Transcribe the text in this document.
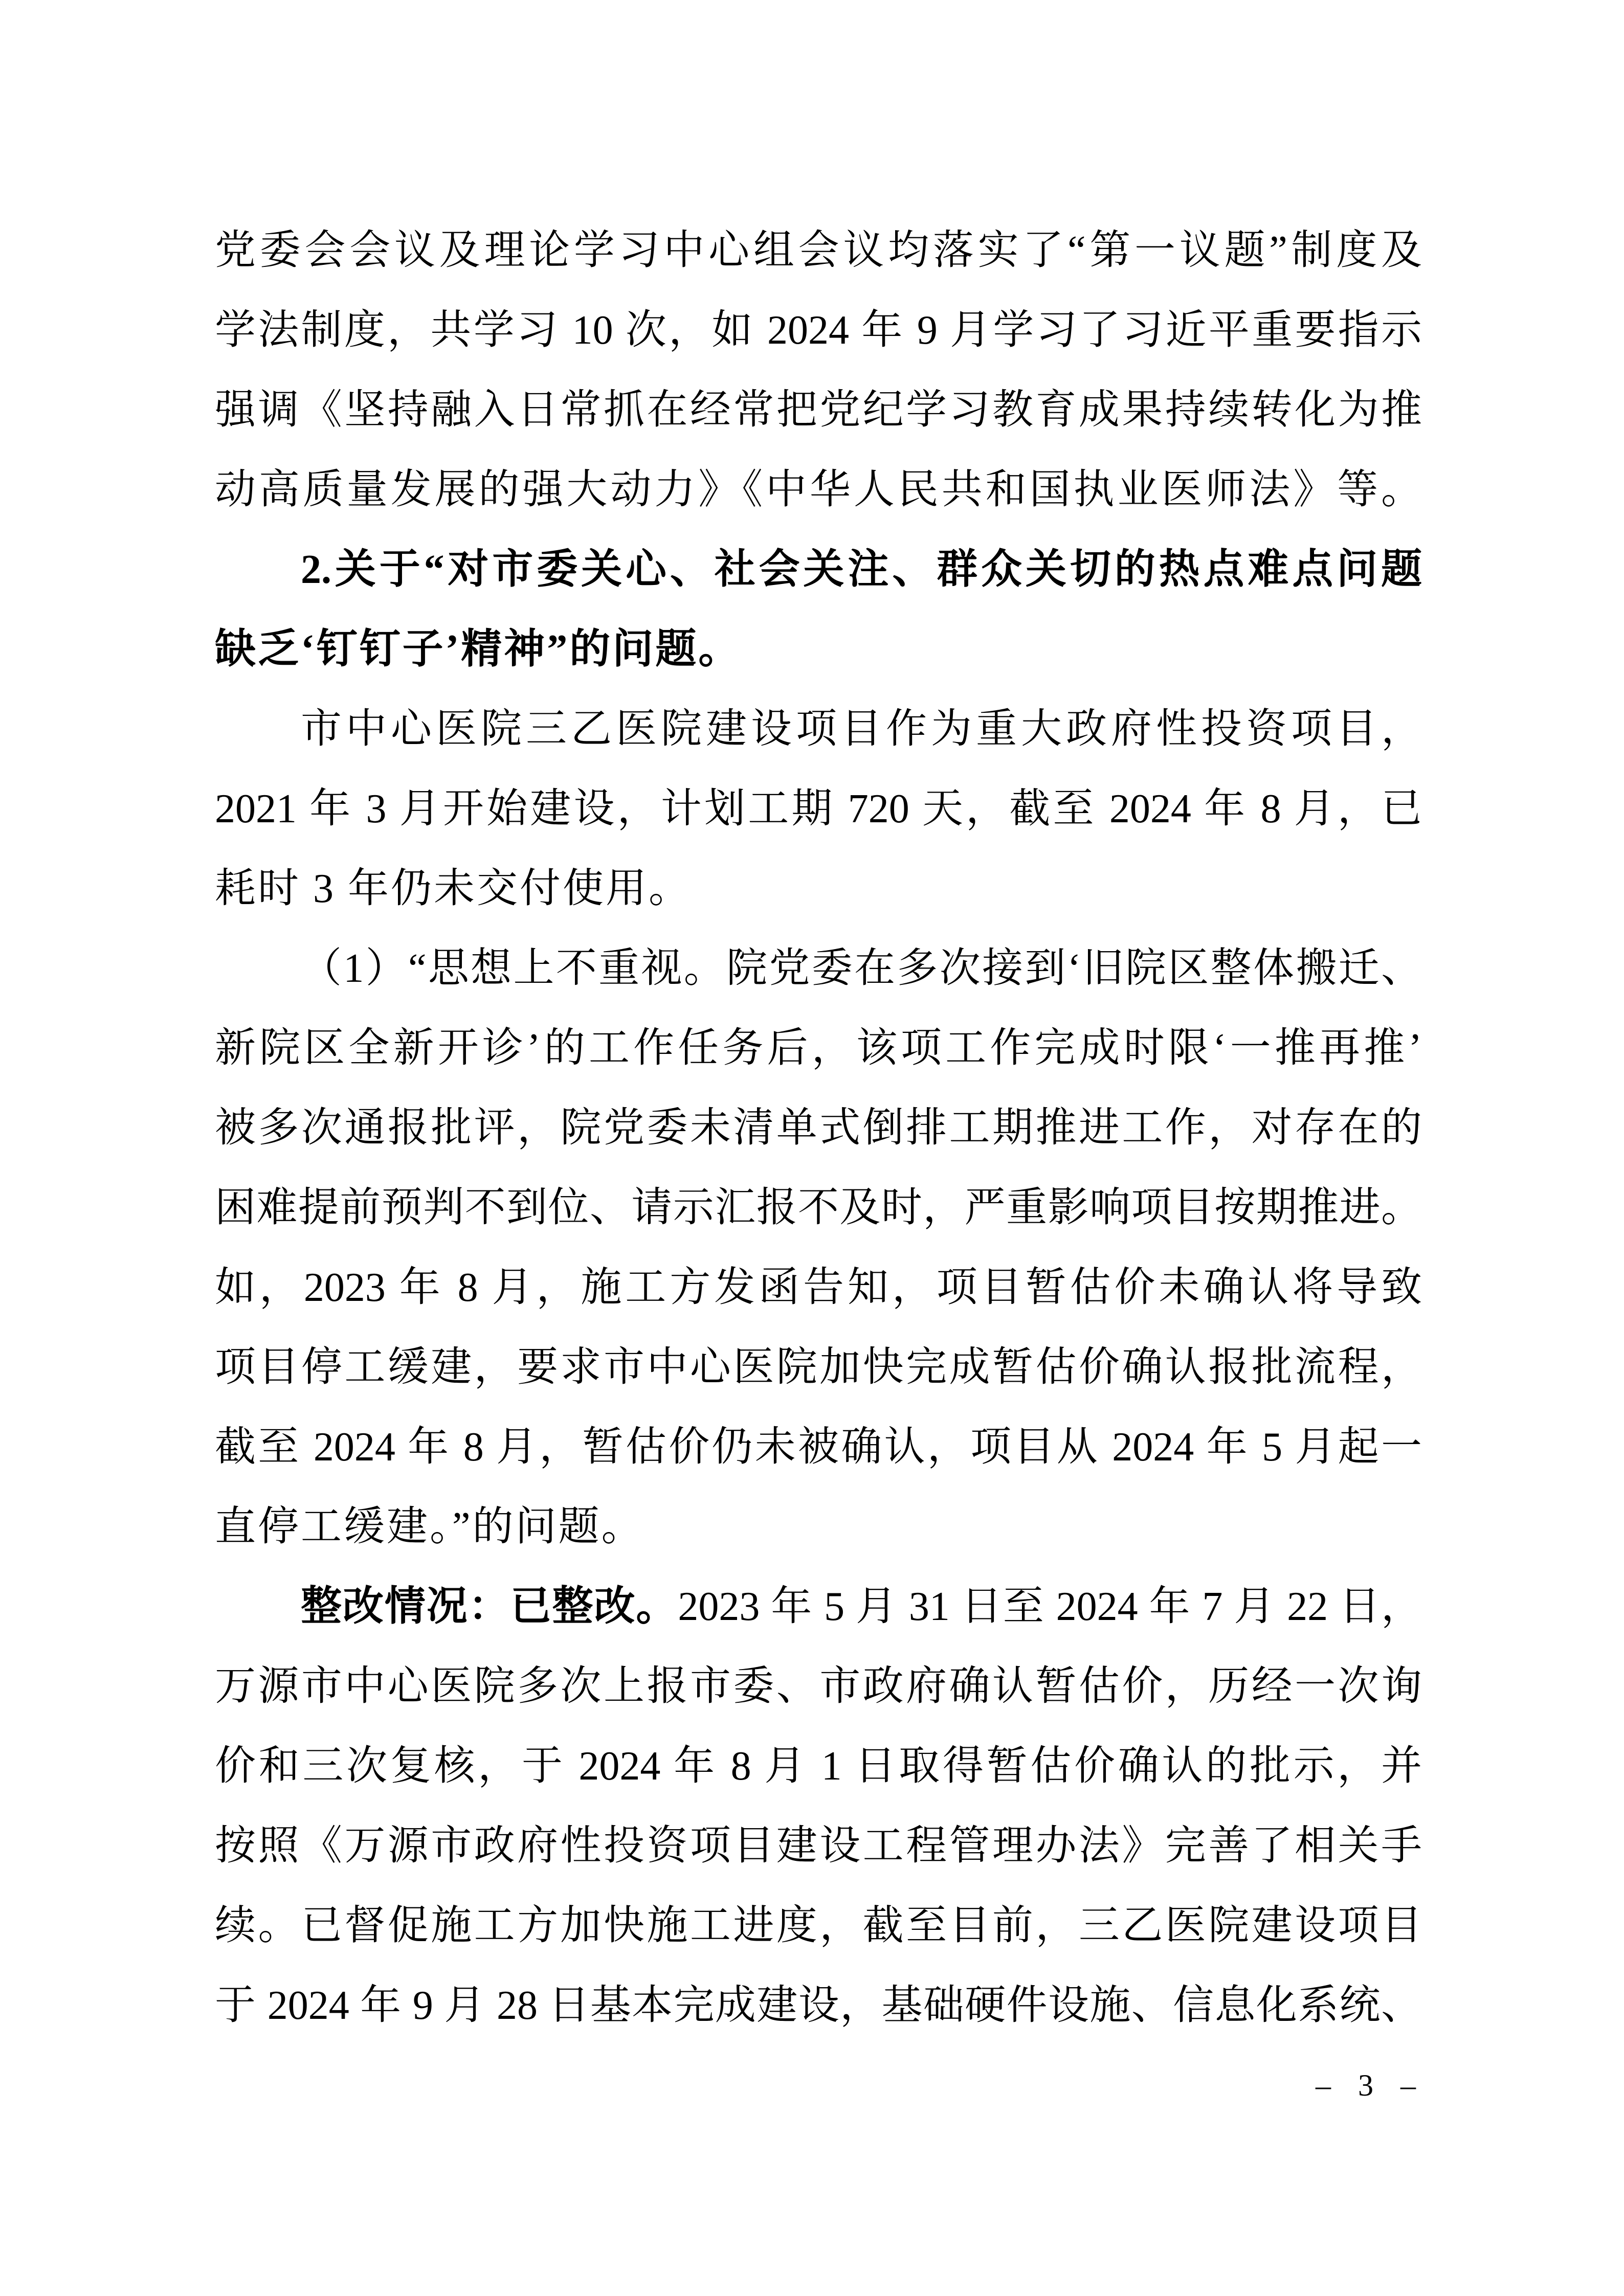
党委会会议及理论学习中心组会议均落实了“第一议题”制度及
学法制度，共学习 10 次，如 2024 年 9 月学习了习近平重要指示
强调《坚持融入日常抓在经常把党纪学习教育成果持续转化为推
动高质量发展的强大动力》《中华人民共和国执业医师法》等。
2.关于“对市委关心、社会关注、群众关切的热点难点问题
缺乏‘钉钉子’精神”的问题。
市中心医院三乙医院建设项目作为重大政府性投资项目，
2021 年 3 月开始建设，计划工期 720 天，截至 2024 年 8 月，已
耗时 3 年仍未交付使用。
（1）“思想上不重视。院党委在多次接到‘旧院区整体搬迁、
新院区全新开诊’的工作任务后，该项工作完成时限‘一推再推’
被多次通报批评，院党委未清单式倒排工期推进工作，对存在的
困难提前预判不到位、请示汇报不及时，严重影响项目按期推进。
如，2023 年 8 月，施工方发函告知，项目暂估价未确认将导致
项目停工缓建，要求市中心医院加快完成暂估价确认报批流程，
截至 2024 年 8 月，暂估价仍未被确认，项目从 2024 年 5 月起一
直停工缓建。”的问题。
整改情况：已整改。2023 年 5 月 31 日至 2024 年 7 月 22 日，
万源市中心医院多次上报市委、市政府确认暂估价，历经一次询
价和三次复核，于 2024 年 8 月 1 日取得暂估价确认的批示，并
按照《万源市政府性投资项目建设工程管理办法》完善了相关手
续。已督促施工方加快施工进度，截至目前，三乙医院建设项目
于 2024 年 9 月 28 日基本完成建设，基础硬件设施、信息化系统、
– 3 –
